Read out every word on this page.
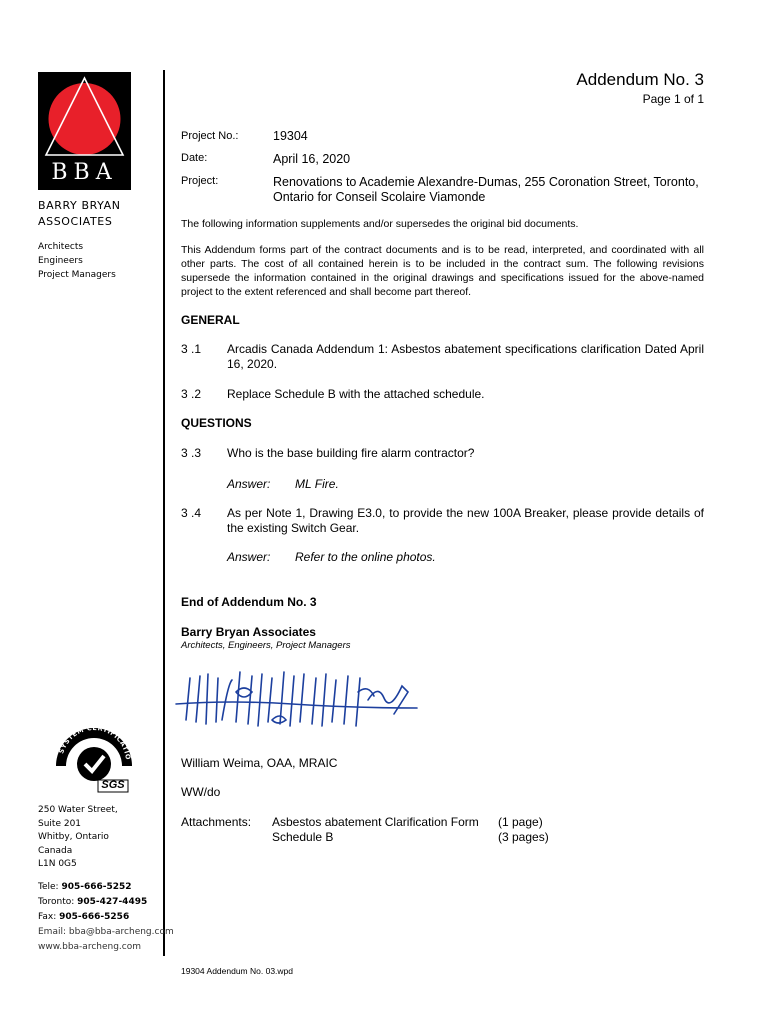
BBA
BARRY BRYAN
ASSOCIATES
Architects
Engineers
Project Managers
SYSTEM CERTIFICATIO
SGS
250 Water Street,
Suite 201
Whitby, Ontario
Canada
L1N 0G5
Tele: 905-666-5252
Toronto: 905-427-4495
Fax: 905-666-5256
Email: bba@bba-archeng.com
www.bba-archeng.com
Addendum No. 3
Page 1 of 1
Project No.:	19304
Date:	April 16, 2020
Project:	Renovations to Academie Alexandre-Dumas, 255 Coronation Street, Toronto,
Ontario for Conseil Scolaire Viamonde
The following information supplements and/or supersedes the original bid documents.
This Addendum forms part of the contract documents and is to be read, interpreted, and coordinated with all other parts. The cost of all contained herein is to be included in the contract sum. The following revisions supersede the information contained in the original drawings and specifications issued for the above-named project to the extent referenced and shall become part thereof.
GENERAL
3 .1 Arcadis Canada Addendum 1: Asbestos abatement specifications clarification Dated April 16, 2020.
3 .2 Replace Schedule B with the attached schedule.
QUESTIONS
3 .3 Who is the base building fire alarm contractor?
Answer: ML Fire.
3 .4 As per Note 1, Drawing E3.0, to provide the new 100A Breaker, please provide details of the existing Switch Gear.
Answer: Refer to the online photos.
End of Addendum No. 3
Barry Bryan Associates
Architects, Engineers, Project Managers
William Weima, OAA, MRAIC
WW/do
Attachments: Asbestos abatement Clarification Form (1 page)
Schedule B	(3 pages)
19304 Addendum No. 03.wpd
